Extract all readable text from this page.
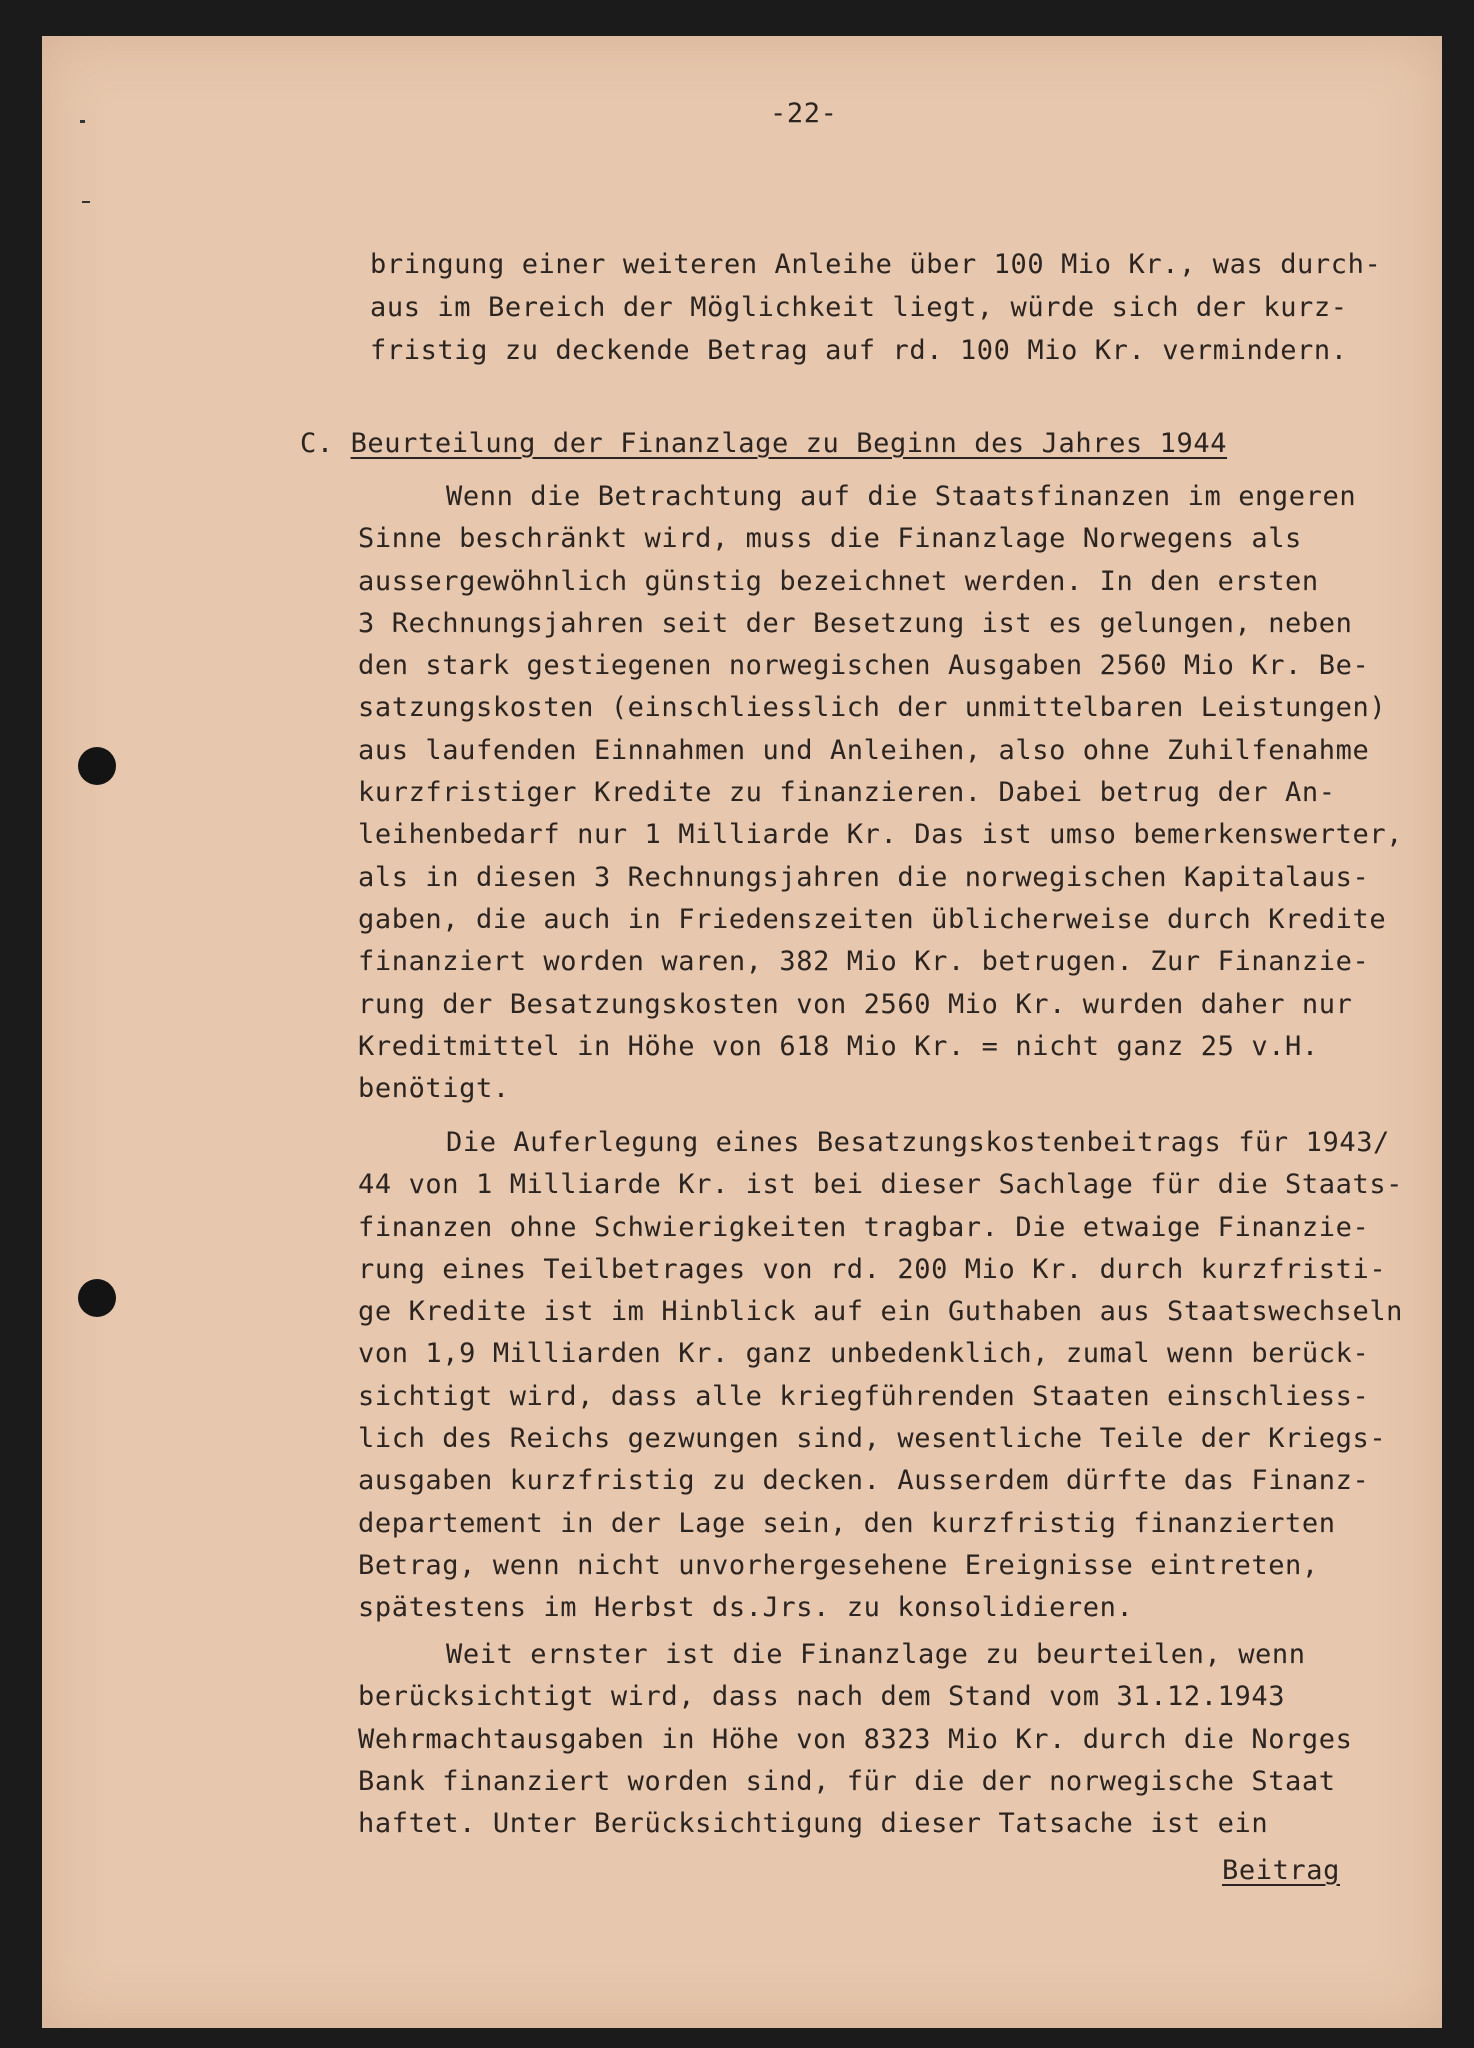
-22-
bringung einer weiteren Anleihe über 100 Mio Kr., was durch-
aus im Bereich der Möglichkeit liegt, würde sich der kurz-
fristig zu deckende Betrag auf rd. 100 Mio Kr. vermindern.
C. Beurteilung der Finanzlage zu Beginn des Jahres 1944
Wenn die Betrachtung auf die Staatsfinanzen im engeren
Sinne beschränkt wird, muss die Finanzlage Norwegens als
aussergewöhnlich günstig bezeichnet werden. In den ersten
3 Rechnungsjahren seit der Besetzung ist es gelungen, neben
den stark gestiegenen norwegischen Ausgaben 2560 Mio Kr. Be-
satzungskosten (einschliesslich der unmittelbaren Leistungen)
aus laufenden Einnahmen und Anleihen, also ohne Zuhilfenahme
kurzfristiger Kredite zu finanzieren. Dabei betrug der An-
leihenbedarf nur 1 Milliarde Kr. Das ist umso bemerkenswerter,
als in diesen 3 Rechnungsjahren die norwegischen Kapitalaus-
gaben, die auch in Friedenszeiten üblicherweise durch Kredite
finanziert worden waren, 382 Mio Kr. betrugen. Zur Finanzie-
rung der Besatzungskosten von 2560 Mio Kr. wurden daher nur
Kreditmittel in Höhe von 618 Mio Kr. = nicht ganz 25 v.H.
benötigt.
Die Auferlegung eines Besatzungskostenbeitrags für 1943/
44 von 1 Milliarde Kr. ist bei dieser Sachlage für die Staats-
finanzen ohne Schwierigkeiten tragbar. Die etwaige Finanzie-
rung eines Teilbetrages von rd. 200 Mio Kr. durch kurzfristi-
ge Kredite ist im Hinblick auf ein Guthaben aus Staatswechseln
von 1,9 Milliarden Kr. ganz unbedenklich, zumal wenn berück-
sichtigt wird, dass alle kriegführenden Staaten einschliess-
lich des Reichs gezwungen sind, wesentliche Teile der Kriegs-
ausgaben kurzfristig zu decken. Ausserdem dürfte das Finanz-
departement in der Lage sein, den kurzfristig finanzierten
Betrag, wenn nicht unvorhergesehene Ereignisse eintreten,
spätestens im Herbst ds.Jrs. zu konsolidieren.
Weit ernster ist die Finanzlage zu beurteilen, wenn
berücksichtigt wird, dass nach dem Stand vom 31.12.1943
Wehrmachtausgaben in Höhe von 8323 Mio Kr. durch die Norges
Bank finanziert worden sind, für die der norwegische Staat
haftet. Unter Berücksichtigung dieser Tatsache ist ein
Beitrag
